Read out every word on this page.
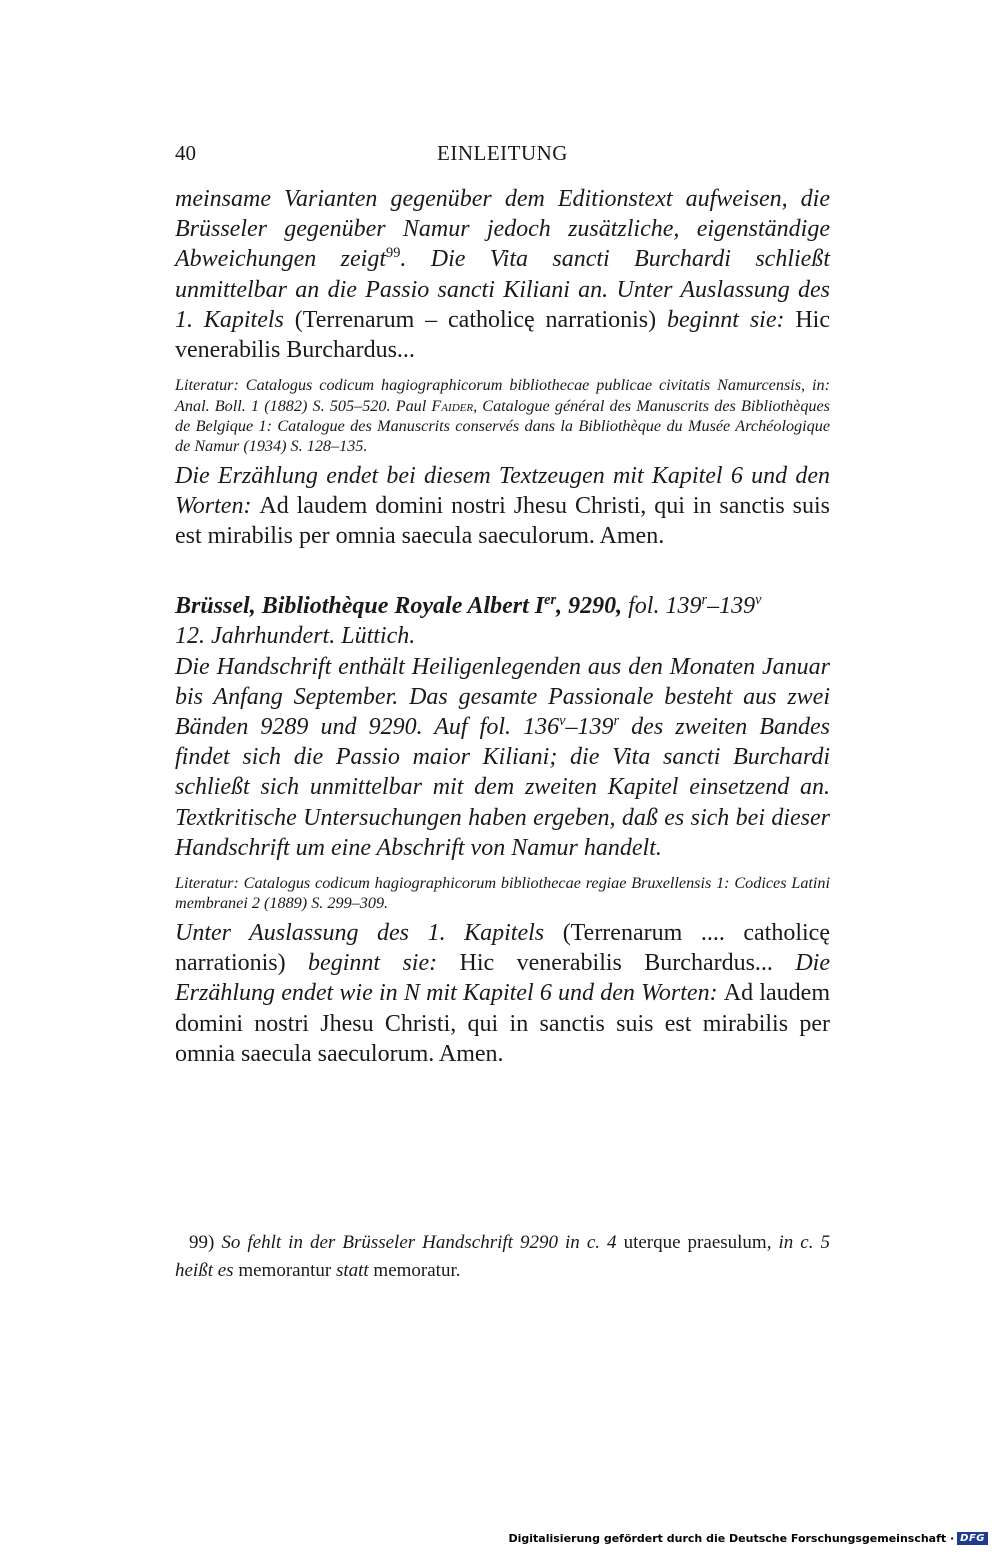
40	EINLEITUNG

meinsame Varianten gegenüber dem Editionstext aufweisen, die Brüsseler gegenüber Namur jedoch zusätzliche, eigenständige Abweichungen zeigt$^{99}$. Die Vita sancti Burchardi schließt unmittelbar an die Passio sancti Kiliani an. Unter Auslassung des 1. Kapitels (Terrenarum – catholicę narrationis) beginnt sie: Hic venerabilis Burchardus...

Literatur: Catalogus codicum hagiographicorum bibliothecae publicae civitatis Namurcensis, in: Anal. Boll. 1 (1882) S. 505–520. Paul Faider, Catalogue général des Manuscrits des Bibliothèques de Belgique 1: Catalogue des Manuscrits conservés dans la Bibliothèque du Musée Archéologique de Namur (1934) S. 128–135.

Die Erzählung endet bei diesem Textzeugen mit Kapitel 6 und den Worten: Ad laudem domini nostri Jhesu Christi, qui in sanctis suis est mirabilis per omnia saecula saeculorum. Amen.

Brüssel, Bibliothèque Royale Albert Ier, 9290, fol. 139$^r$–139$^v$

12. Jahrhundert. Lüttich.

Die Handschrift enthält Heiligenlegenden aus den Monaten Januar bis Anfang September. Das gesamte Passionale besteht aus zwei Bänden 9289 und 9290. Auf fol. 136$^v$–139$^r$ des zweiten Bandes findet sich die Passio maior Kiliani; die Vita sancti Burchardi schließt sich unmittelbar mit dem zweiten Kapitel einsetzend an. Textkritische Untersuchungen haben ergeben, daß es sich bei dieser Handschrift um eine Abschrift von Namur handelt.

Literatur: Catalogus codicum hagiographicorum bibliothecae regiae Bruxellensis 1: Codices Latini membranei 2 (1889) S. 299–309.

Unter Auslassung des 1. Kapitels (Terrenarum .... catholicę narrationis) beginnt sie: Hic venerabilis Burchardus... Die Erzählung endet wie in N mit Kapitel 6 und den Worten: Ad laudem domini nostri Jhesu Christi, qui in sanctis suis est mirabilis per omnia saecula saeculorum. Amen.

99) So fehlt in der Brüsseler Handschrift 9290 in c. 4 uterque praesulum, in c. 5 heißt es memorantur statt memoratur.
Digitalisierung gefördert durch die Deutsche Forschungsgemeinschaft · DFG
